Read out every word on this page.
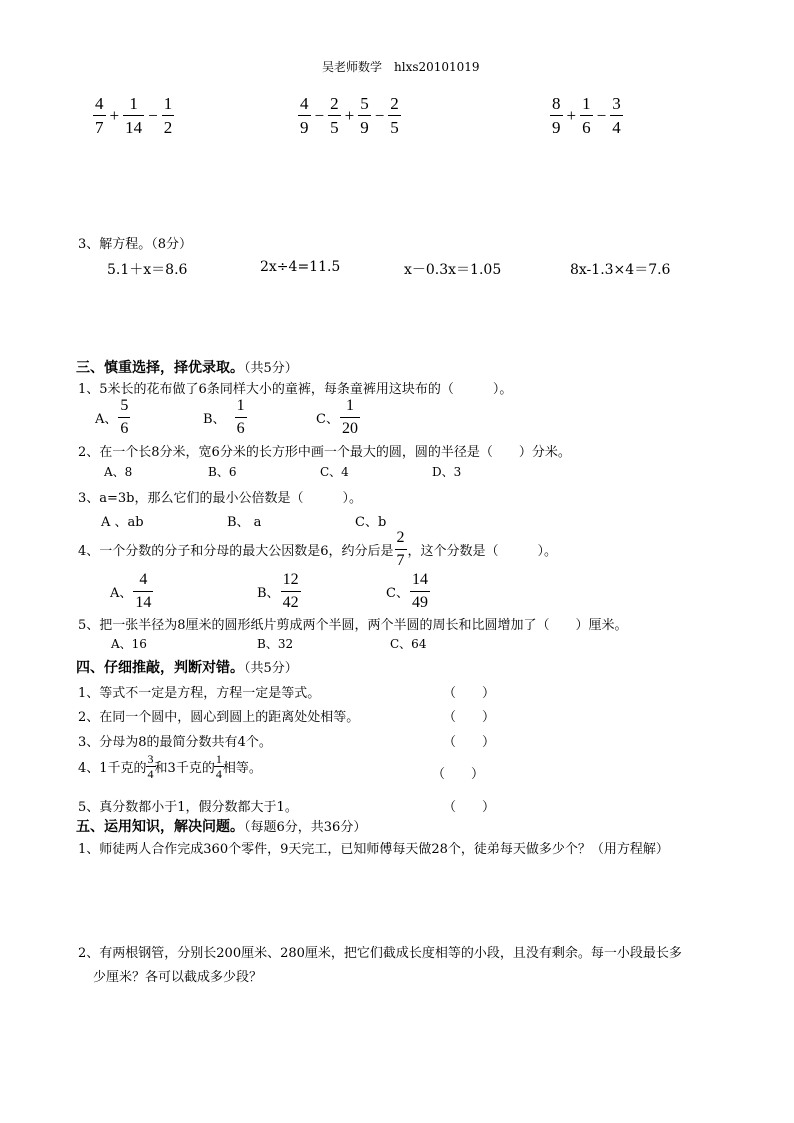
吴老师数学　hlxs20101019
$\frac{4}{7} + \frac{1}{14} - \frac{1}{2}$	$\frac{4}{9} - \frac{2}{5} + \frac{5}{9} - \frac{2}{5}$	$\frac{8}{9} + \frac{1}{6} - \frac{3}{4}$
3、解方程。（8分）
5.1＋x＝8.6	2x÷4=11.5	x－0.3x＝1.05	8x-1.3×4＝7.6
三、慎重选择，择优录取。（共5分）
1、5米长的花布做了6条同样大小的童裤，每条童裤用这块布的（　　　）。
A、 $\frac{5}{6}$	B、 $\frac{1}{6}$	C、 $\frac{1}{20}$
2、在一个长8分米，宽6分米的长方形中画一个最大的圆，圆的半径是（　　）分米。
A、8	B、6	C、4	D、3
3、a=3b，那么它们的最小公倍数是（　　　）。
A 、ab	B、 a	C、b
4、一个分数的分子和分母的最大公因数是6，约分后是 $\frac{2}{7}$ ，这个分数是（　　　）。
A、 $\frac{4}{14}$	B、 $\frac{12}{42}$	C、 $\frac{14}{49}$
5、把一张半径为8厘米的圆形纸片剪成两个半圆，两个半圆的周长和比圆增加了（　　）厘米。
A、16	B、32	C、64
四、仔细推敲，判断对错。（共5分）
1、等式不一定是方程，方程一定是等式。	（　　）
2、在同一个圆中，圆心到圆上的距离处处相等。	（　　）
3、分母为8的最简分数共有4个。	（　　）
4、1千克的 $\frac{3}{4}$ 和3千克的 $\frac{1}{4}$ 相等。	（　　）
5、真分数都小于1，假分数都大于1。	（　　）
五、运用知识，解决问题。（每题6分，共36分）
1、师徒两人合作完成360个零件，9天完工，已知师傅每天做28个，徒弟每天做多少个？（用方程解）
2、有两根钢管，分别长200厘米、280厘米，把它们截成长度相等的小段，且没有剩余。每一小段最长多
少厘米？各可以截成多少段？
